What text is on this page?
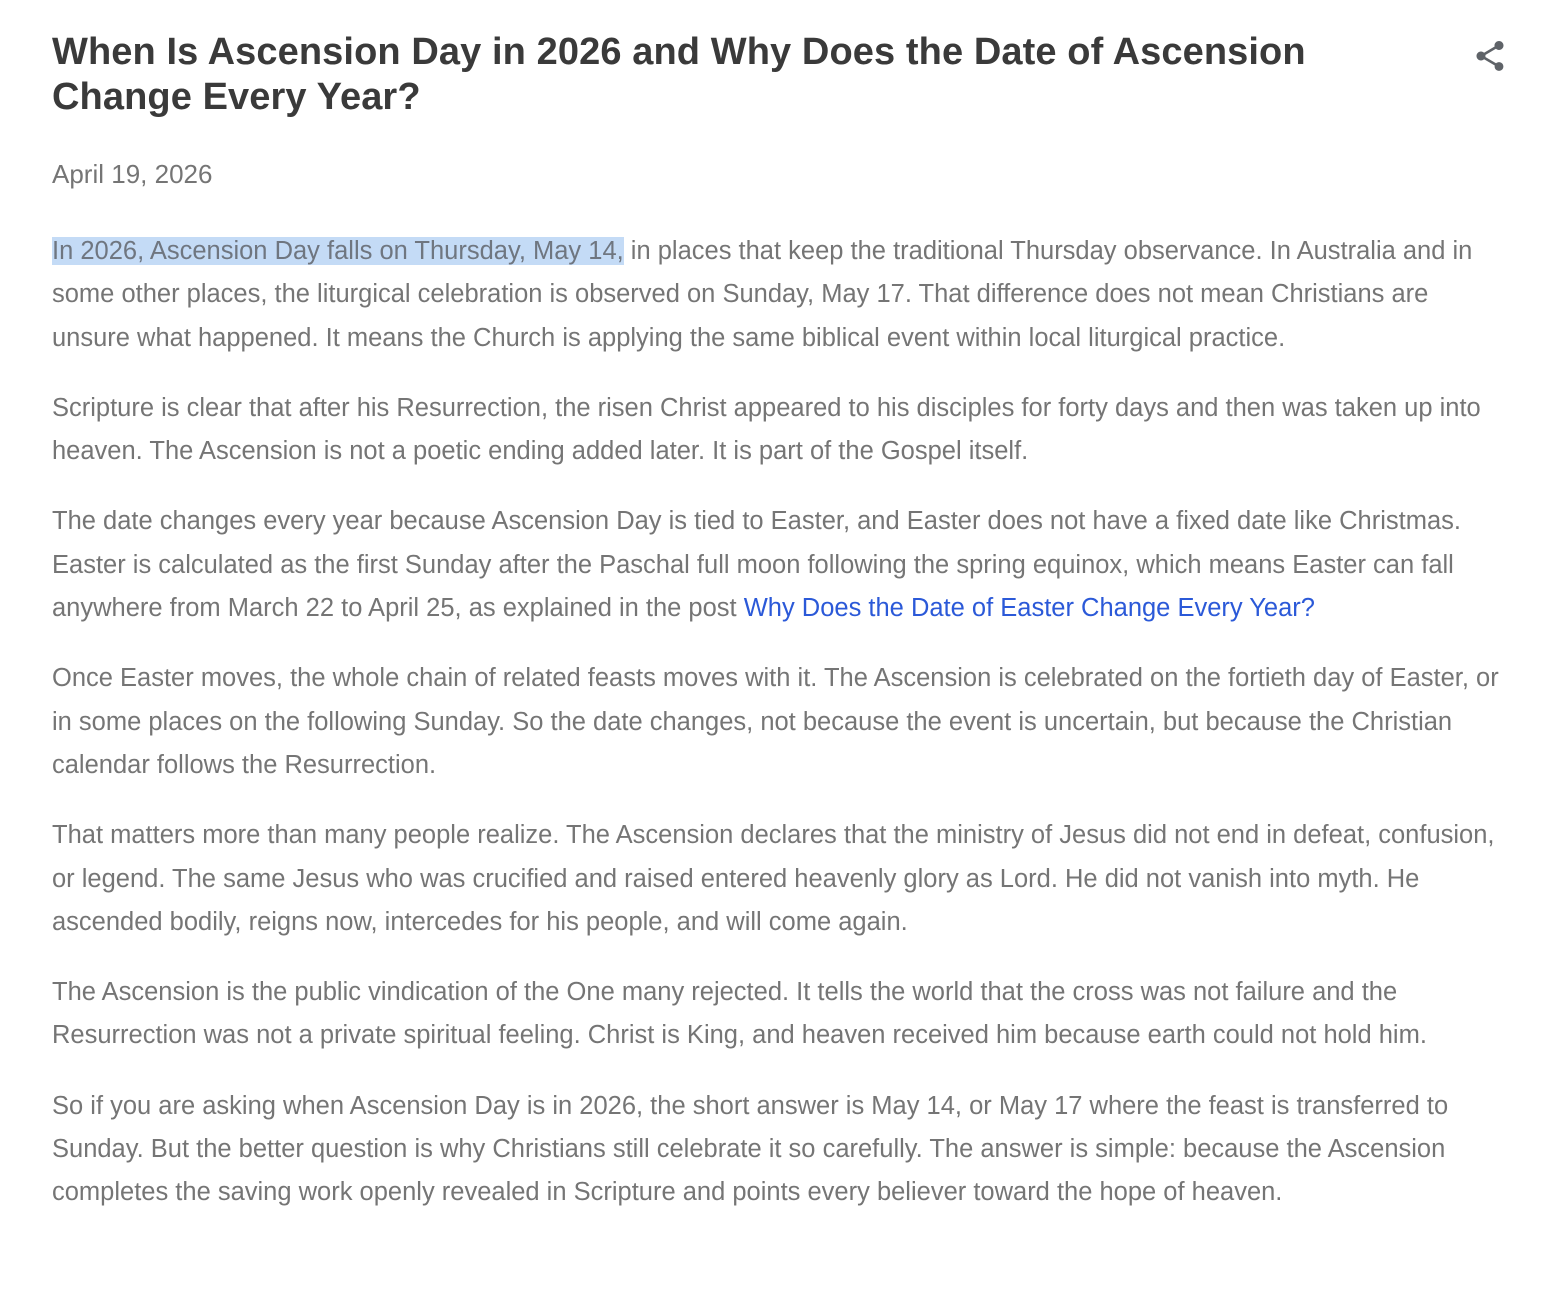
When Is Ascension Day in 2026 and Why Does the Date of Ascension Change Every Year?
April 19, 2026

In 2026, Ascension Day falls on Thursday, May 14, in places that keep the traditional Thursday observance. In Australia and in some other places, the liturgical celebration is observed on Sunday, May 17. That difference does not mean Christians are unsure what happened. It means the Church is applying the same biblical event within local liturgical practice.

Scripture is clear that after his Resurrection, the risen Christ appeared to his disciples for forty days and then was taken up into heaven. The Ascension is not a poetic ending added later. It is part of the Gospel itself.

The date changes every year because Ascension Day is tied to Easter, and Easter does not have a fixed date like Christmas. Easter is calculated as the first Sunday after the Paschal full moon following the spring equinox, which means Easter can fall anywhere from March 22 to April 25, as explained in the post Why Does the Date of Easter Change Every Year?

Once Easter moves, the whole chain of related feasts moves with it. The Ascension is celebrated on the fortieth day of Easter, or in some places on the following Sunday. So the date changes, not because the event is uncertain, but because the Christian calendar follows the Resurrection.

That matters more than many people realize. The Ascension declares that the ministry of Jesus did not end in defeat, confusion, or legend. The same Jesus who was crucified and raised entered heavenly glory as Lord. He did not vanish into myth. He ascended bodily, reigns now, intercedes for his people, and will come again.

The Ascension is the public vindication of the One many rejected. It tells the world that the cross was not failure and the Resurrection was not a private spiritual feeling. Christ is King, and heaven received him because earth could not hold him.

So if you are asking when Ascension Day is in 2026, the short answer is May 14, or May 17 where the feast is transferred to Sunday. But the better question is why Christians still celebrate it so carefully. The answer is simple: because the Ascension completes the saving work openly revealed in Scripture and points every believer toward the hope of heaven.
